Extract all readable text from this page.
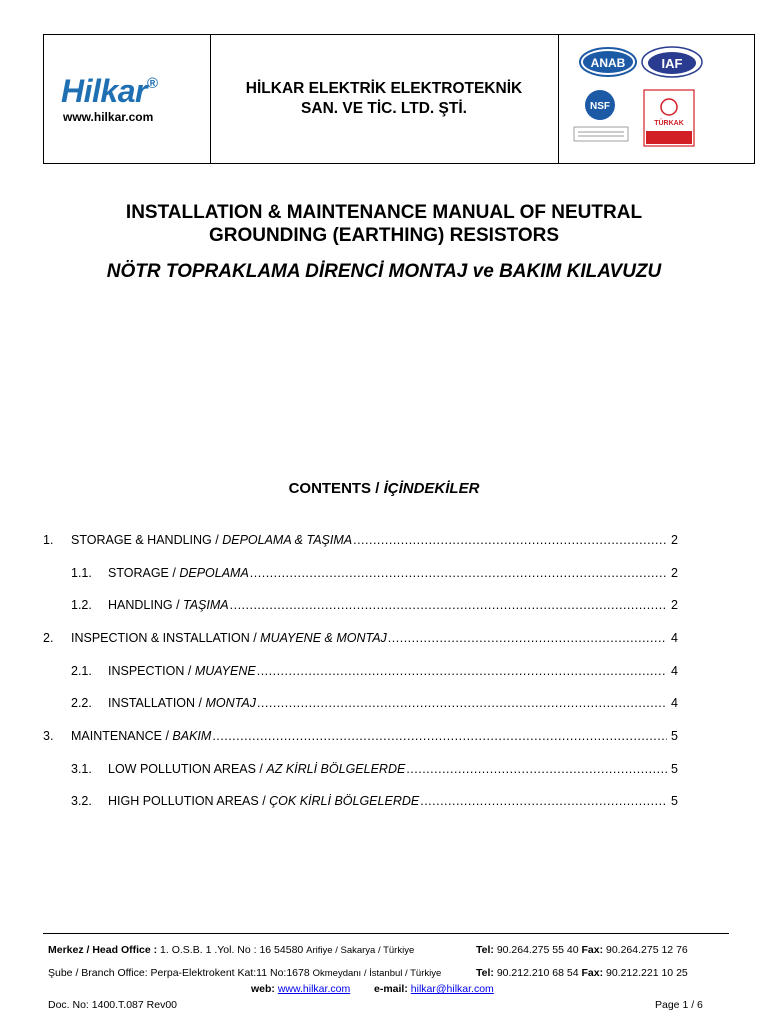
Hilkar®
www.hilkar.com
HİLKAR ELEKTRİK ELEKTROTEKNİK
SAN. VE TİC. LTD. ŞTİ.
ANAB	IAF
NSF
TÜRKAK
INSTALLATION & MAINTENANCE MANUAL OF NEUTRAL
GROUNDING (EARTHING) RESISTORS
NÖTR TOPRAKLAMA DİRENCİ MONTAJ ve BAKIM KILAVUZU
CONTENTS / İÇİNDEKİLER
1.	STORAGE & HANDLING / DEPOLAMA & TAŞIMA .....	2
1.1.	STORAGE / DEPOLAMA .....	2
1.2.	HANDLING / TAŞIMA .....	2
2.	INSPECTION & INSTALLATION / MUAYENE & MONTAJ .....	4
2.1.	INSPECTION / MUAYENE .....	4
2.2.	INSTALLATION / MONTAJ .....	4
3.	MAINTENANCE / BAKIM .....	5
3.1.	LOW POLLUTION AREAS / AZ KİRLİ BÖLGELERDE .....	5
3.2.	HIGH POLLUTION AREAS / ÇOK KİRLİ BÖLGELERDE .....	5
Merkez / Head Office : 1. O.S.B. 1 .Yol. No : 16 54580 Arifiye / Sakarya / Türkiye	Tel: 90.264.275 55 40 Fax: 90.264.275 12 76
Şube / Branch Office: Perpa-Elektrokent Kat:11 No:1678 Okmeydanı / İstanbul / Türkiye	Tel: 90.212.210 68 54 Fax: 90.212.221 10 25
web: www.hilkar.com e-mail: hilkar@hilkar.com
Doc. No: 1400.T.087 Rev00	Page 1 / 6
